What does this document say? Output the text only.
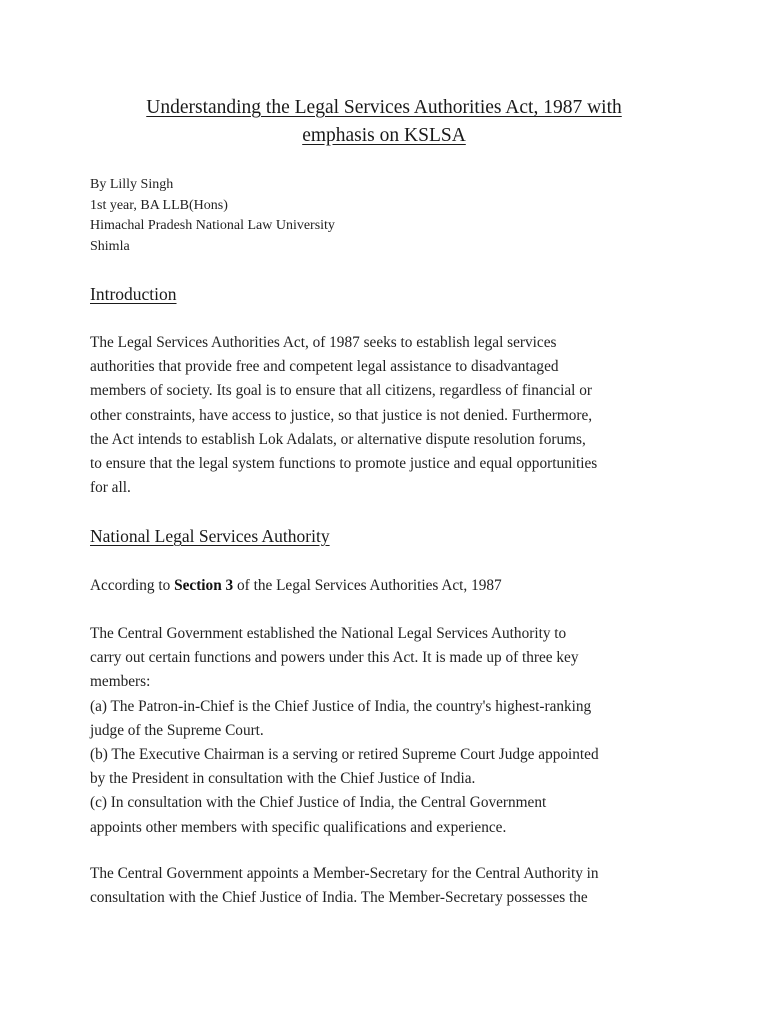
Understanding the Legal Services Authorities Act, 1987 with
emphasis on KSLSA
By Lilly Singh
1st year, BA LLB(Hons)
Himachal Pradesh National Law University
Shimla
Introduction
The Legal Services Authorities Act, of 1987 seeks to establish legal services
authorities that provide free and competent legal assistance to disadvantaged
members of society. Its goal is to ensure that all citizens, regardless of financial or
other constraints, have access to justice, so that justice is not denied. Furthermore,
the Act intends to establish Lok Adalats, or alternative dispute resolution forums,
to ensure that the legal system functions to promote justice and equal opportunities
for all.
National Legal Services Authority
According to Section 3 of the Legal Services Authorities Act, 1987
The Central Government established the National Legal Services Authority to
carry out certain functions and powers under this Act. It is made up of three key
members:
(a) The Patron-in-Chief is the Chief Justice of India, the country's highest-ranking
judge of the Supreme Court.
(b) The Executive Chairman is a serving or retired Supreme Court Judge appointed
by the President in consultation with the Chief Justice of India.
(c) In consultation with the Chief Justice of India, the Central Government
appoints other members with specific qualifications and experience.
The Central Government appoints a Member-Secretary for the Central Authority in
consultation with the Chief Justice of India. The Member-Secretary possesses the
